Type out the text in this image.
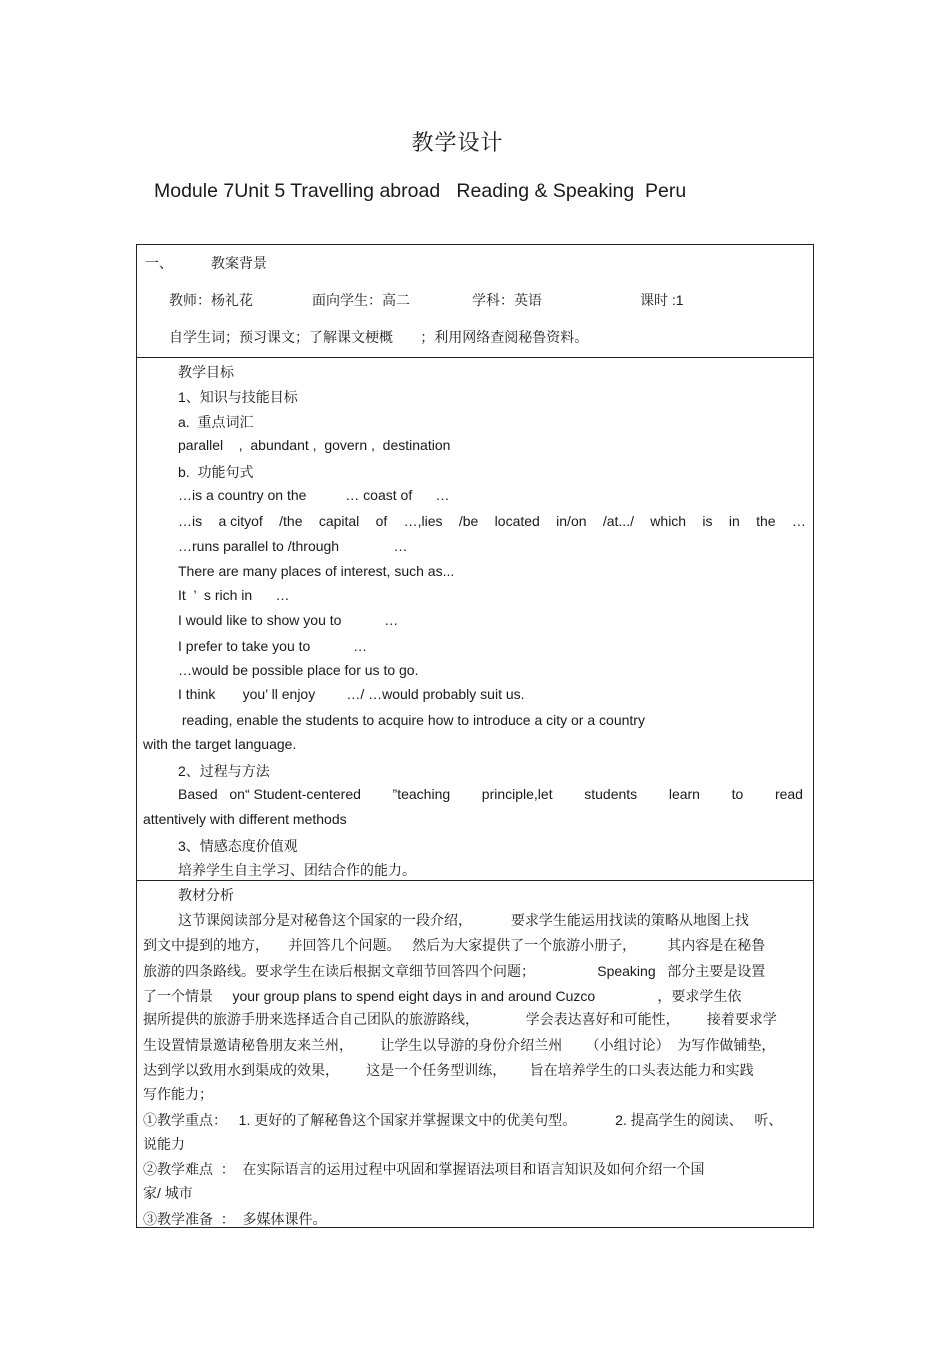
教学设计
Module 7Unit 5 Travelling abroad   Reading & Speaking  Peru
一、	教案背景
教师：杨礼花	面向学生：高二	学科：英语	课时 :1
自学生词；预习课文；了解课文梗概       ；利用网络查阅秘鲁资料。
教学目标
1、知识与技能目标
a.  重点词汇
parallel    ,  abundant ,  govern ,  destination
b.  功能句式
…is a country on the          … coast of      …
…is a cityof /the capital of …,lies /be located in/on /at.../ which is in the …
…runs parallel to /through              …
There are many places of interest, such as...
It  ’  s rich in      …
I would like to show you to           …
I prefer to take you to           …
…would be possible place for us to go.
I think       you’ ll enjoy        …/ …would probably suit us.
reading, enable the students to acquire how to introduce a city or a country
with the target language.
2、过程与方法
Based   on“ Student-centered ”teaching principle,let students learn to read
attentively with different methods
3、情感态度价值观
培养学生自主学习、团结合作的能力。
教材分析
这节课阅读部分是对秘鲁这个国家的一段介绍，          要求学生能运用找读的策略从地图上找
到文中提到的地方，     并回答几个问题。   然后为大家提供了一个旅游小册子，        其内容是在秘鲁
旅游的四条路线。要求学生在读后根据文章细节回答四个问题；                Speaking   部分主要是设置
了一个情景     your group plans to spend eight days in and around Cuzco                ，要求学生依
据所提供的旅游手册来选择适合自己团队的旅游路线，            学会表达喜好和可能性，       接着要求学
生设置情景邀请秘鲁朋友来兰州，       让学生以导游的身份介绍兰州      （小组讨论）  为写作做铺垫，
达到学以致用水到渠成的效果，       这是一个任务型训练，      旨在培养学生的口头表达能力和实践
写作能力；
①教学重点：   1. 更好的了解秘鲁这个国家并掌握课文中的优美句型。          2. 提高学生的阅读、   听、
说能力
②教学难点  ：  在实际语言的运用过程中巩固和掌握语法项目和语言知识及如何介绍一个国
家/ 城市
③教学准备  ：  多媒体课件。
